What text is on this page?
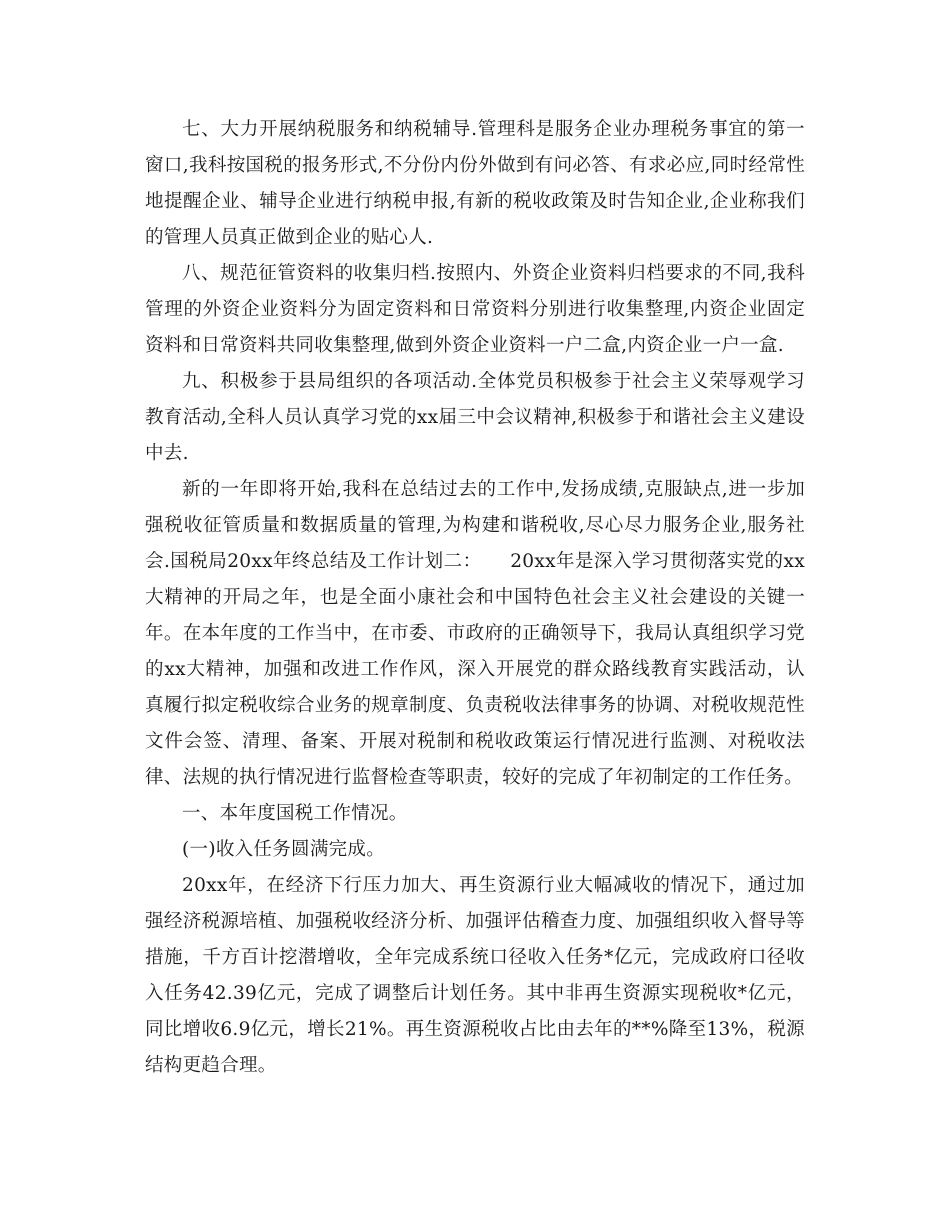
七、大力开展纳税服务和纳税辅导.管理科是服务企业办理税务事宜的第一窗口,我科按国税的报务形式,不分份内份外做到有问必答、有求必应,同时经常性地提醒企业、辅导企业进行纳税申报,有新的税收政策及时告知企业,企业称我们的管理人员真正做到企业的贴心人.

八、规范征管资料的收集归档.按照内、外资企业资料归档要求的不同,我科管理的外资企业资料分为固定资料和日常资料分别进行收集整理,内资企业固定资料和日常资料共同收集整理,做到外资企业资料一户二盒,内资企业一户一盒.

九、积极参于县局组织的各项活动.全体党员积极参于社会主义荣辱观学习教育活动,全科人员认真学习党的xx届三中会议精神,积极参于和谐社会主义建设中去.

新的一年即将开始,我科在总结过去的工作中,发扬成绩,克服缺点,进一步加强税收征管质量和数据质量的管理,为构建和谐税收,尽心尽力服务企业,服务社会.国税局20xx年终总结及工作计划二：　　20xx年是深入学习贯彻落实党的xx大精神的开局之年，也是全面小康社会和中国特色社会主义社会建设的关键一年。在本年度的工作当中，在市委、市政府的正确领导下，我局认真组织学习党的xx大精神，加强和改进工作作风，深入开展党的群众路线教育实践活动，认真履行拟定税收综合业务的规章制度、负责税收法律事务的协调、对税收规范性文件会签、清理、备案、开展对税制和税收政策运行情况进行监测、对税收法律、法规的执行情况进行监督检查等职责，较好的完成了年初制定的工作任务。

一、本年度国税工作情况。

(一)收入任务圆满完成。

20xx年，在经济下行压力加大、再生资源行业大幅减收的情况下，通过加强经济税源培植、加强税收经济分析、加强评估稽查力度、加强组织收入督导等措施，千方百计挖潜增收，全年完成系统口径收入任务*亿元，完成政府口径收入任务42.39亿元，完成了调整后计划任务。其中非再生资源实现税收*亿元，同比增收6.9亿元，增长21%。再生资源税收占比由去年的**%降至13%，税源结构更趋合理。
